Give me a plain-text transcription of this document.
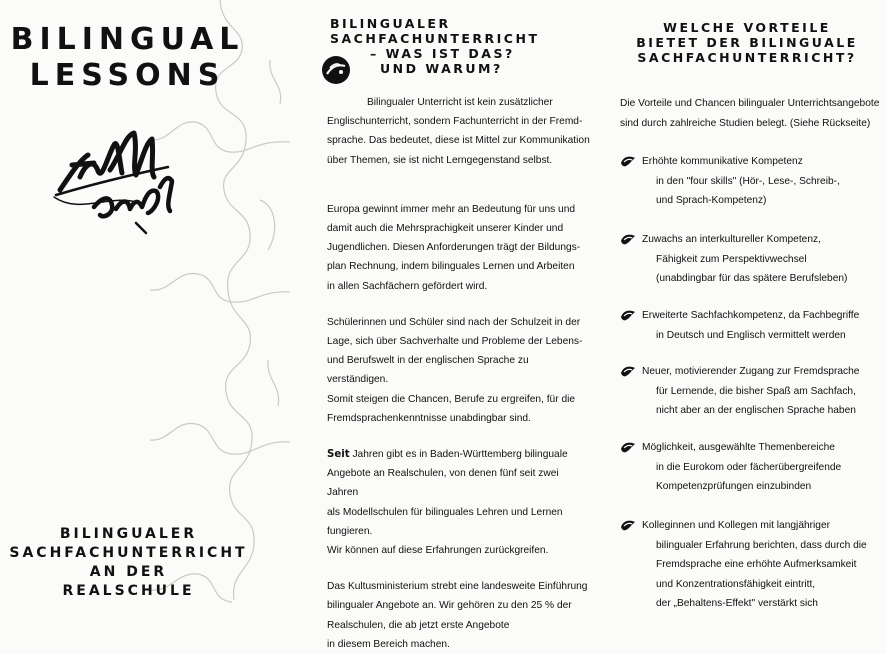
BILINGUAL
LESSONS
BILINGUALER
SACHFACHUNTERRICHT
AN DER
REALSCHULE
BILINGUALER
SACHFACHUNTERRICHT
– WAS IST DAS?
UND WARUM?

Bilingualer Unterricht ist kein zusätzlicher
Englischunterricht, sondern Fachunterricht in der Fremd-
sprache. Das bedeutet, diese ist Mittel zur Kommunikation
über Themen, sie ist nicht Lerngegenstand selbst.

Europa gewinnt immer mehr an Bedeutung für uns und
damit auch die Mehrsprachigkeit unserer Kinder und
Jugendlichen. Diesen Anforderungen trägt der Bildungs-
plan Rechnung, indem bilinguales Lernen und Arbeiten
in allen Sachfächern gefördert wird.

Schülerinnen und Schüler sind nach der Schulzeit in der
Lage, sich über Sachverhalte und Probleme der Lebens-
und Berufswelt in der englischen Sprache zu verständigen.
Somit steigen die Chancen, Berufe zu ergreifen, für die
Fremdsprachenkenntnisse unabdingbar sind.

Seit Jahren gibt es in Baden-Württemberg bilinguale
Angebote an Realschulen, von denen fünf seit zwei Jahren
als Modellschulen für bilinguales Lehren und Lernen fungieren.
Wir können auf diese Erfahrungen zurückgreifen.

Das Kultusministerium strebt eine landesweite Einführung
bilingualer Angebote an. Wir gehören zu den 25 % der
Realschulen, die ab jetzt erste Angebote
in diesem Bereich machen.

WELCHE VORTEILE
BIETET DER BILINGUALE
SACHFACHUNTERRICHT?

Die Vorteile und Chancen bilingualer Unterrichtsangebote
sind durch zahlreiche Studien belegt. (Siehe Rückseite)

Erhöhte kommunikative Kompetenz
in den "four skills" (Hör-, Lese-, Schreib-,
und Sprach-Kompetenz)
Zuwachs an interkultureller Kompetenz,
Fähigkeit zum Perspektivwechsel
(unabdingbar für das spätere Berufsleben)
Erweiterte Sachfachkompetenz, da Fachbegriffe
in Deutsch und Englisch vermittelt werden
Neuer, motivierender Zugang zur Fremdsprache
für Lernende, die bisher Spaß am Sachfach,
nicht aber an der englischen Sprache haben
Möglichkeit, ausgewählte Themenbereiche
in die Eurokom oder fächerübergreifende
Kompetenzprüfungen einzubinden
Kolleginnen und Kollegen mit langjähriger
bilingualer Erfahrung berichten, dass durch die
Fremdsprache eine erhöhte Aufmerksamkeit
und Konzentrationsfähigkeit eintritt,
der „Behaltens-Effekt" verstärkt sich
